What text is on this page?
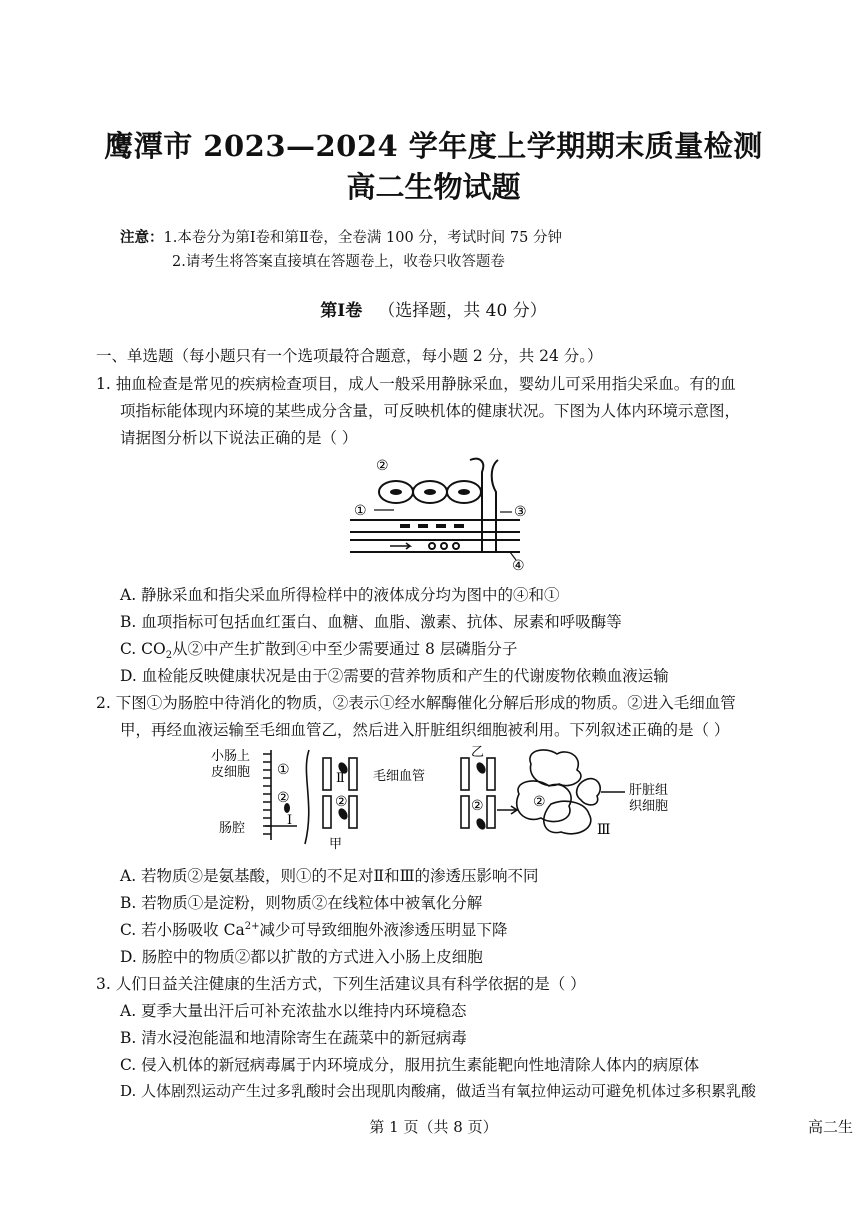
鹰潭市 2023—2024 学年度上学期期末质量检测
高二生物试题
注意：1.本卷分为第Ⅰ卷和第Ⅱ卷，全卷满 100 分，考试时间 75 分钟
2.请考生将答案直接填在答题卷上，收卷只收答题卷
第Ⅰ卷 （选择题，共 40 分）
一、单选题（每小题只有一个选项最符合题意，每小题 2 分，共 24 分。）
1. 抽血检查是常见的疾病检查项目，成人一般采用静脉采血，婴幼儿可采用指尖采血。有的血
项指标能体现内环境的某些成分含量，可反映机体的健康状况。下图为人体内环境示意图，
请据图分析以下说法正确的是（ ）
②
①	③
④
A. 静脉采血和指尖采血所得检样中的液体成分均为图中的④和①
B. 血项指标可包括血红蛋白、血糖、血脂、激素、抗体、尿素和呼吸酶等
C. $CO_2$从②中产生扩散到④中至少需要通过 8 层磷脂分子
D. 血检能反映健康状况是由于②需要的营养物质和产生的代谢废物依赖血液运输
2. 下图①为肠腔中待消化的物质，②表示①经水解酶催化分解后形成的物质。②进入毛细血管
甲，再经血液运输至毛细血管乙，然后进入肝脏组织细胞被利用。下列叙述正确的是（ ）
小肠上
皮细胞
肠腔
①
②
Ⅰ
Ⅱ
②
甲
毛细血管
乙
②	②
Ⅲ
肝脏组
织细胞
A. 若物质②是氨基酸，则①的不足对Ⅱ和Ⅲ的渗透压影响不同
B. 若物质①是淀粉，则物质②在线粒体中被氧化分解
C. 若小肠吸收 $Ca^{2+}$减少可导致细胞外液渗透压明显下降
D. 肠腔中的物质②都以扩散的方式进入小肠上皮细胞
3. 人们日益关注健康的生活方式，下列生活建议具有科学依据的是（ ）
A. 夏季大量出汗后可补充浓盐水以维持内环境稳态
B. 清水浸泡能温和地清除寄生在蔬菜中的新冠病毒
C. 侵入机体的新冠病毒属于内环境成分，服用抗生素能靶向性地清除人体内的病原体
D. 人体剧烈运动产生过多乳酸时会出现肌肉酸痛，做适当有氧拉伸运动可避免机体过多积累乳酸
第 1 页（共 8 页）	高二生
